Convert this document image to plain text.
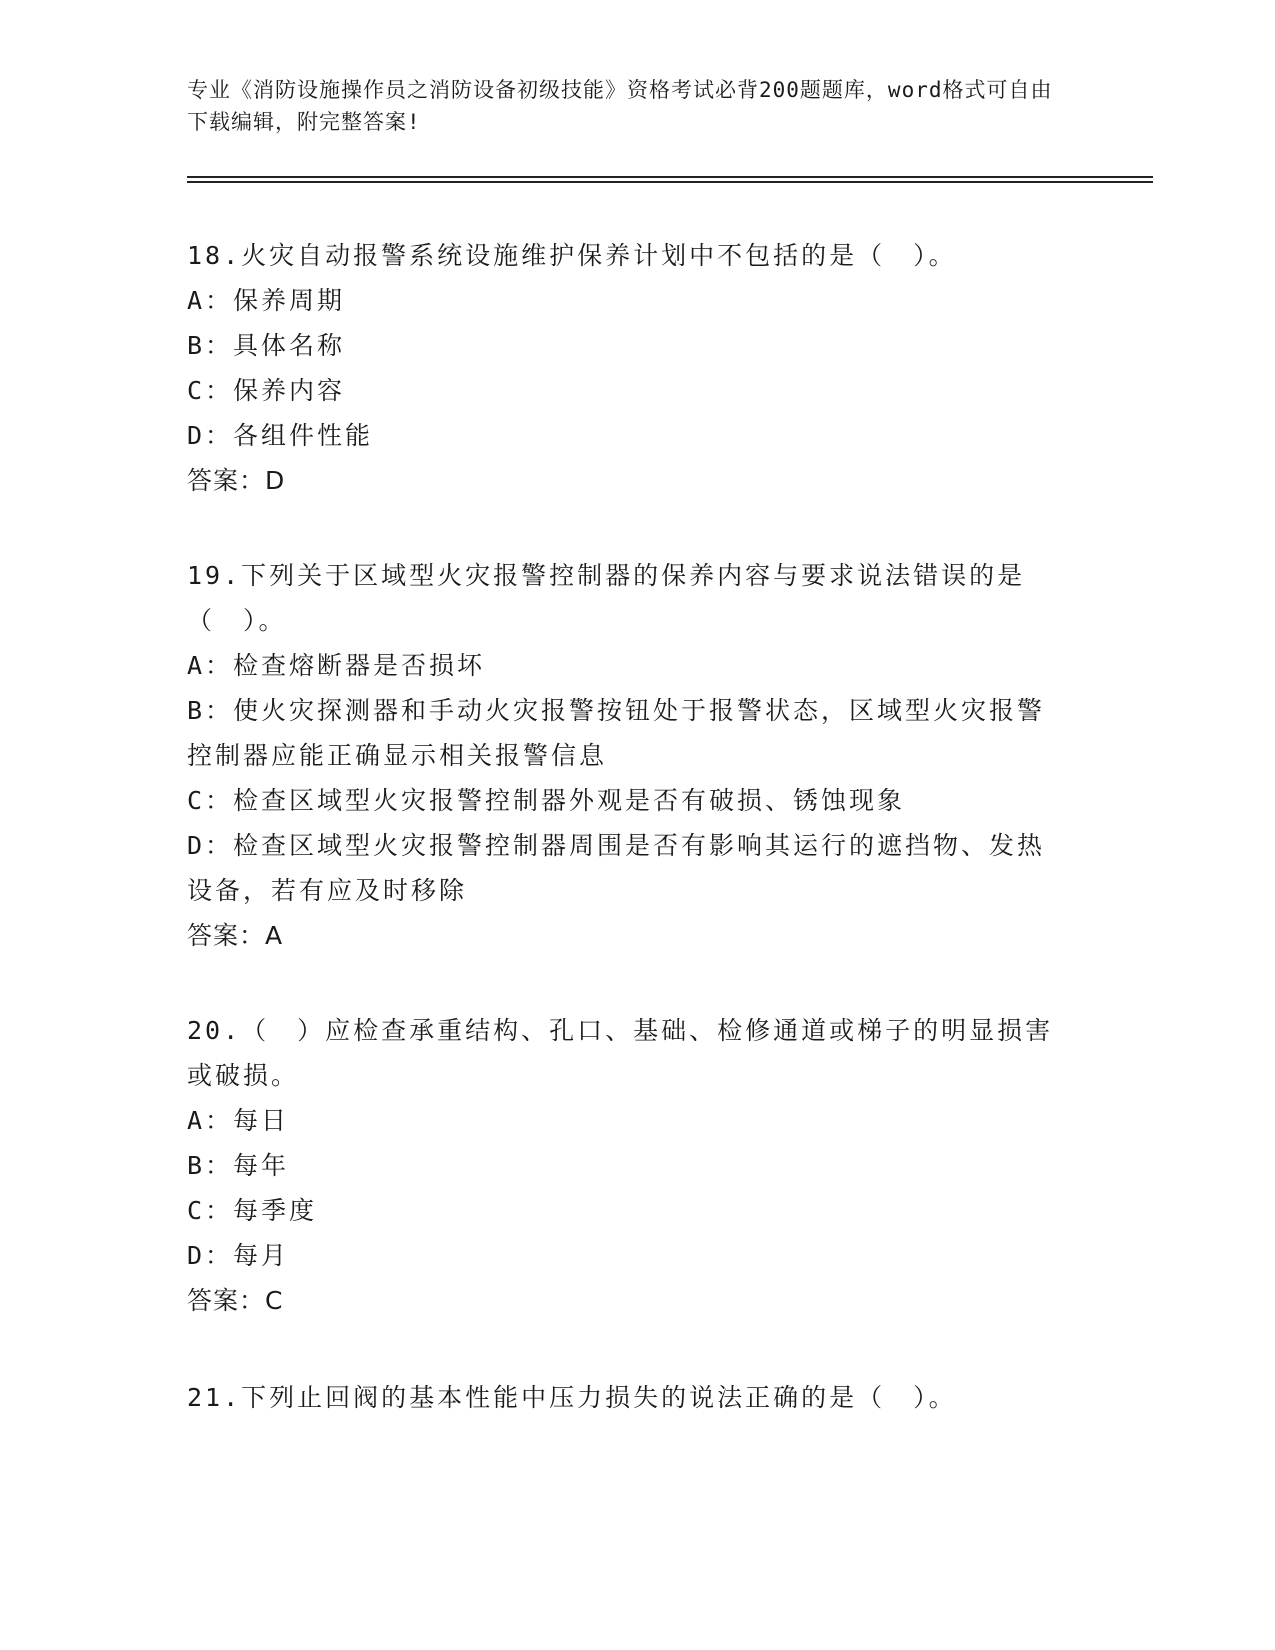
专业《消防设施操作员之消防设备初级技能》资格考试必背200题题库，word格式可自由下载编辑，附完整答案!
18.火灾自动报警系统设施维护保养计划中不包括的是（　）。
A：保养周期
B：具体名称
C：保养内容
D：各组件性能
答案：D
19.下列关于区域型火灾报警控制器的保养内容与要求说法错误的是（　）。
A：检查熔断器是否损坏
B：使火灾探测器和手动火灾报警按钮处于报警状态，区域型火灾报警控制器应能正确显示相关报警信息
C：检查区域型火灾报警控制器外观是否有破损、锈蚀现象
D：检查区域型火灾报警控制器周围是否有影响其运行的遮挡物、发热设备，若有应及时移除
答案：A
20.（　）应检查承重结构、孔口、基础、检修通道或梯子的明显损害或破损。
A：每日
B：每年
C：每季度
D：每月
答案：C
21.下列止回阀的基本性能中压力损失的说法正确的是（　）。
